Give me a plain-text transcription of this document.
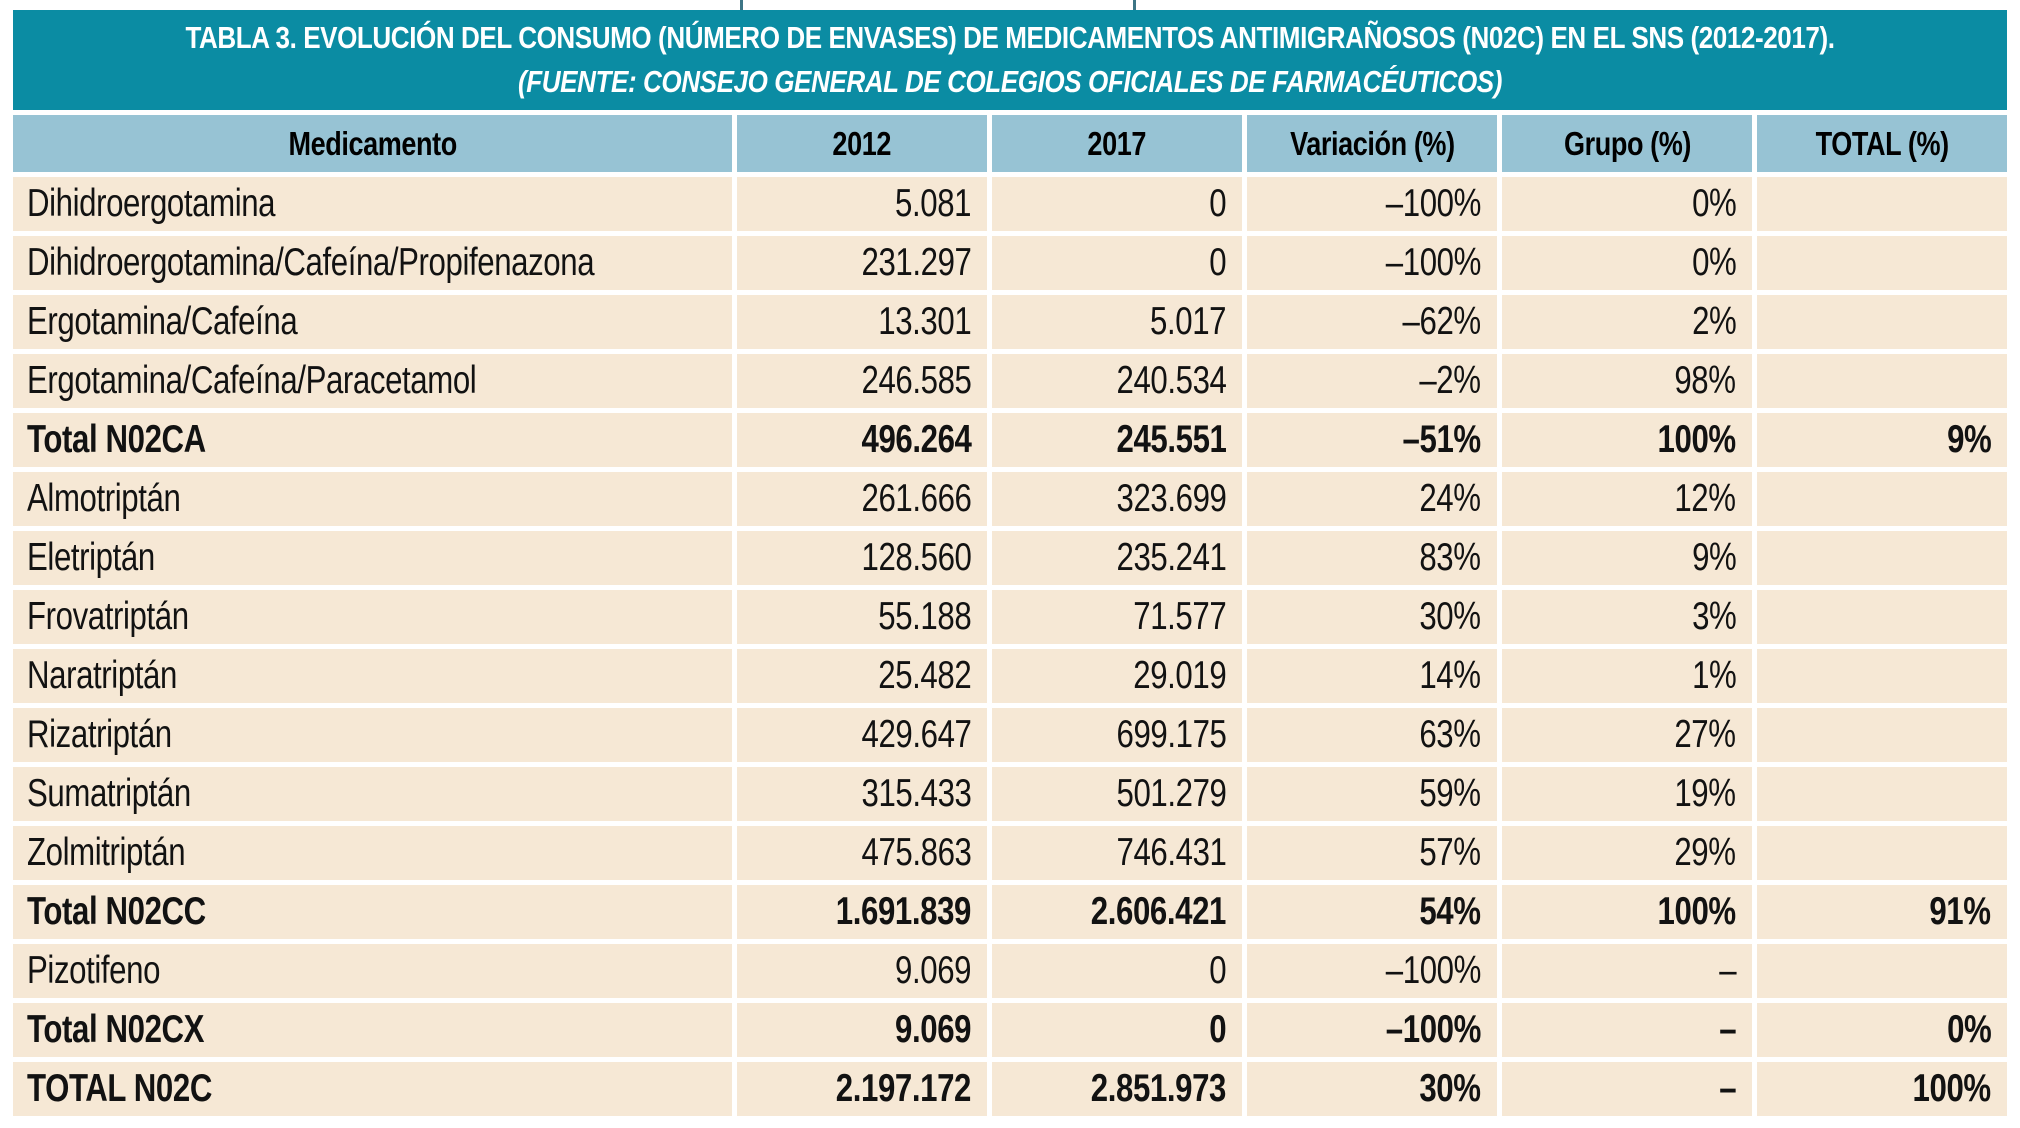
TABLA 3. EVOLUCIÓN DEL CONSUMO (NÚMERO DE ENVASES) DE MEDICAMENTOS ANTIMIGRAÑOSOS (N02C) EN EL SNS (2012-2017).
(FUENTE: CONSEJO GENERAL DE COLEGIOS OFICIALES DE FARMACÉUTICOS)					

Medicamento	2012	2017	Variación (%)	Grupo (%)	TOTAL (%)
Dihidroergotamina	5.081	0	–100%	0%	
Dihidroergotamina/Cafeína/Propifenazona	231.297	0	–100%	0%	
Ergotamina/Cafeína	13.301	5.017	–62%	2%	
Ergotamina/Cafeína/Paracetamol	246.585	240.534	–2%	98%	
Total N02CA	496.264	245.551	–51%	100%	9%
Almotriptán	261.666	323.699	24%	12%	
Eletriptán	128.560	235.241	83%	9%	
Frovatriptán	55.188	71.577	30%	3%	
Naratriptán	25.482	29.019	14%	1%	
Rizatriptán	429.647	699.175	63%	27%	
Sumatriptán	315.433	501.279	59%	19%	
Zolmitriptán	475.863	746.431	57%	29%	
Total N02CC	1.691.839	2.606.421	54%	100%	91%
Pizotifeno	9.069	0	–100%	–	
Total N02CX	9.069	0	–100%	–	0%
TOTAL N02C	2.197.172	2.851.973	30%	–	100%
